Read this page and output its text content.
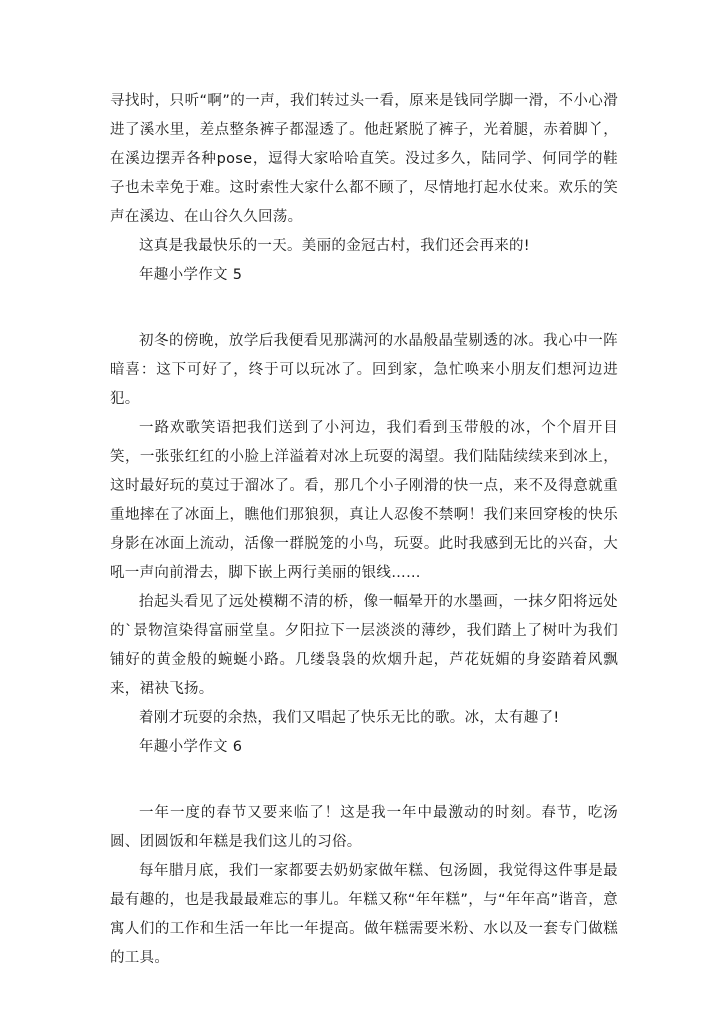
寻找时，只听“啊”的一声，我们转过头一看，原来是钱同学脚一滑，不小心滑进了溪水里，差点整条裤子都湿透了。他赶紧脱了裤子，光着腿，赤着脚丫，在溪边摆弄各种pose，逗得大家哈哈直笑。没过多久，陆同学、何同学的鞋子也未幸免于难。这时索性大家什么都不顾了，尽情地打起水仗来。欢乐的笑声在溪边、在山谷久久回荡。

这真是我最快乐的一天。美丽的金冠古村，我们还会再来的!

年趣小学作文 5

初冬的傍晚，放学后我便看见那满河的水晶般晶莹剔透的冰。我心中一阵暗喜：这下可好了，终于可以玩冰了。回到家，急忙唤来小朋友们想河边进犯。

一路欢歌笑语把我们送到了小河边，我们看到玉带般的冰，个个眉开目笑，一张张红红的小脸上洋溢着对冰上玩耍的渴望。我们陆陆续续来到冰上，这时最好玩的莫过于溜冰了。看，那几个小子刚滑的快一点，来不及得意就重重地摔在了冰面上，瞧他们那狼狈，真让人忍俊不禁啊！我们来回穿梭的快乐身影在冰面上流动，活像一群脱笼的小鸟，玩耍。此时我感到无比的兴奋，大吼一声向前滑去，脚下嵌上两行美丽的银线……

抬起头看见了远处模糊不清的桥，像一幅晕开的水墨画，一抹夕阳将远处的`景物渲染得富丽堂皇。夕阳拉下一层淡淡的薄纱，我们踏上了树叶为我们铺好的黄金般的蜿蜒小路。几缕袅袅的炊烟升起，芦花妩媚的身姿踏着风飘来，裙袂飞扬。

着刚才玩耍的余热，我们又唱起了快乐无比的歌。冰，太有趣了!

年趣小学作文 6

一年一度的春节又要来临了！这是我一年中最激动的时刻。春节，吃汤圆、团圆饭和年糕是我们这儿的习俗。

每年腊月底，我们一家都要去奶奶家做年糕、包汤圆，我觉得这件事是最最有趣的，也是我最最难忘的事儿。年糕又称“年年糕”，与“年年高”谐音，意寓人们的工作和生活一年比一年提高。做年糕需要米粉、水以及一套专门做糕的工具。
